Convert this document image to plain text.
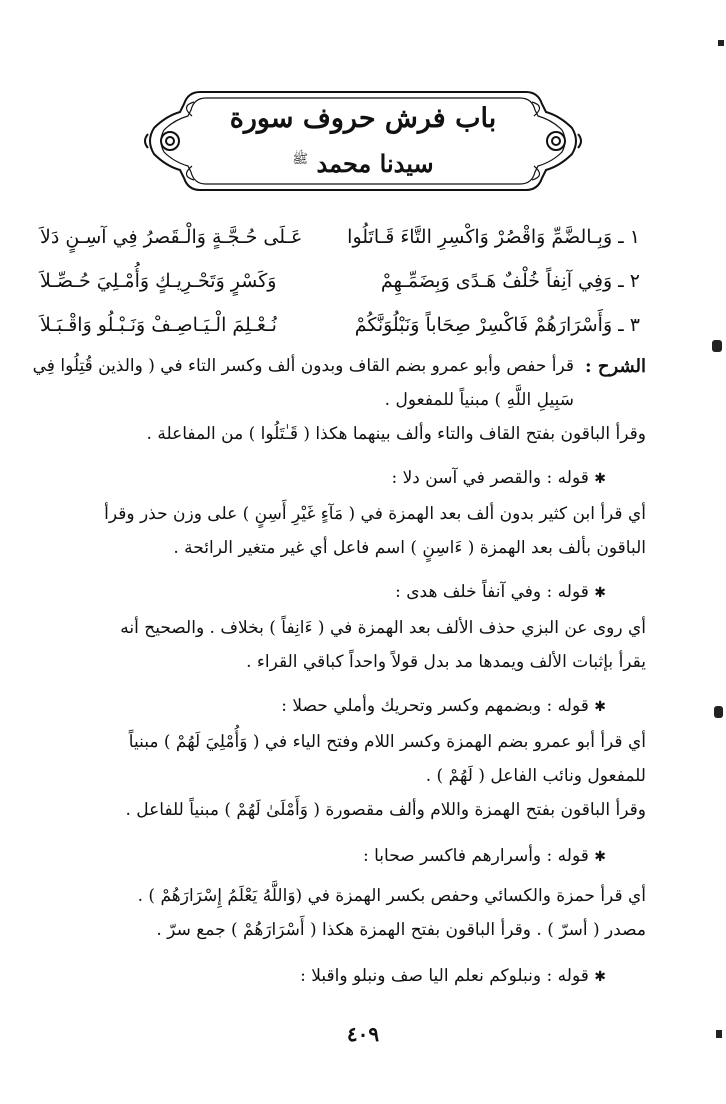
باب فرش حروف سورة
سيدنا محمد $^ﷺ$
١ ـ وَبِـالضَّمِّ وَاقْصُرْ وَاكْسِرِ التَّاءَ قَـاتَلُوا
عَـلَى حُـجَّـةٍ وَالْـقَصرُ فِي آسِـنٍ دَلاَ
٢ ـ وَفِي آنِفاً خُلْفٌ هَـدًى وَبِضَمِّـهِمْ
وَكَسْرٍ وَتَحْـرِيـكٍ وَأُمْـلِيَ حُـصِّـلاَ
٣ ـ وَأَسْرَارَهُمْ فَاكْسِرْ صِحَاباً وَنَبْلُوَنَّكُمْ
نُـعْـلِمَ الْـيَـاصِـفْ وَنَـبْـلُو وَاقْـبَـلاَ
الشرح :
قرأ حفص وأبو عمرو بضم القاف وبدون ألف وكسر التاء في ( والذين قُتِلُوا فِي
سَبِيلِ اللَّهِ ) مبنياً للمفعول .
وقرأ الباقون بفتح القاف والتاء وألف بينهما هكذا ( قَـٰتَلُوا ) من المفاعلة .
✱ قوله : والقصر في آسن دلا :
أي قرأ ابن كثير بدون ألف بعد الهمزة في ( مَآءٍ غَيْرِ أَسِنٍ ) على وزن حذر وقرأ
الباقون بألف بعد الهمزة ( ءَاسِنٍ ) اسم فاعل أي غير متغير الرائحة .
✱ قوله : وفي آنفاً خلف هدى :
أي روى عن البزي حذف الألف بعد الهمزة في ( ءَانِفاً ) بخلاف . والصحيح أنه
يقرأ بإثبات الألف ويمدها مد بدل قولاً واحداً كباقي القراء .
✱ قوله : وبضمهم وكسر وتحريك وأملي حصلا :
أي قرأ أبو عمرو بضم الهمزة وكسر اللام وفتح الياء في ( وَأُمْلِيَ لَهُمْ ) مبنياً
للمفعول ونائب الفاعل ( لَهُمْ ) .
وقرأ الباقون بفتح الهمزة واللام وألف مقصورة ( وَأَمْلَىٰ لَهُمْ ) مبنياً للفاعل .
✱ قوله : وأسرارهم فاكسر صحابا :
أي قرأ حمزة والكسائي وحفص بكسر الهمزة في (وَاللَّهُ يَعْلَمُ إِسْرَارَهُمْ ) .
مصدر ( أسرّ ) . وقرأ الباقون بفتح الهمزة هكذا ( أَسْرَارَهُمْ ) جمع سرّ .
✱ قوله : ونبلوكم نعلم اليا صف ونبلو واقبلا :
٤٠٩
